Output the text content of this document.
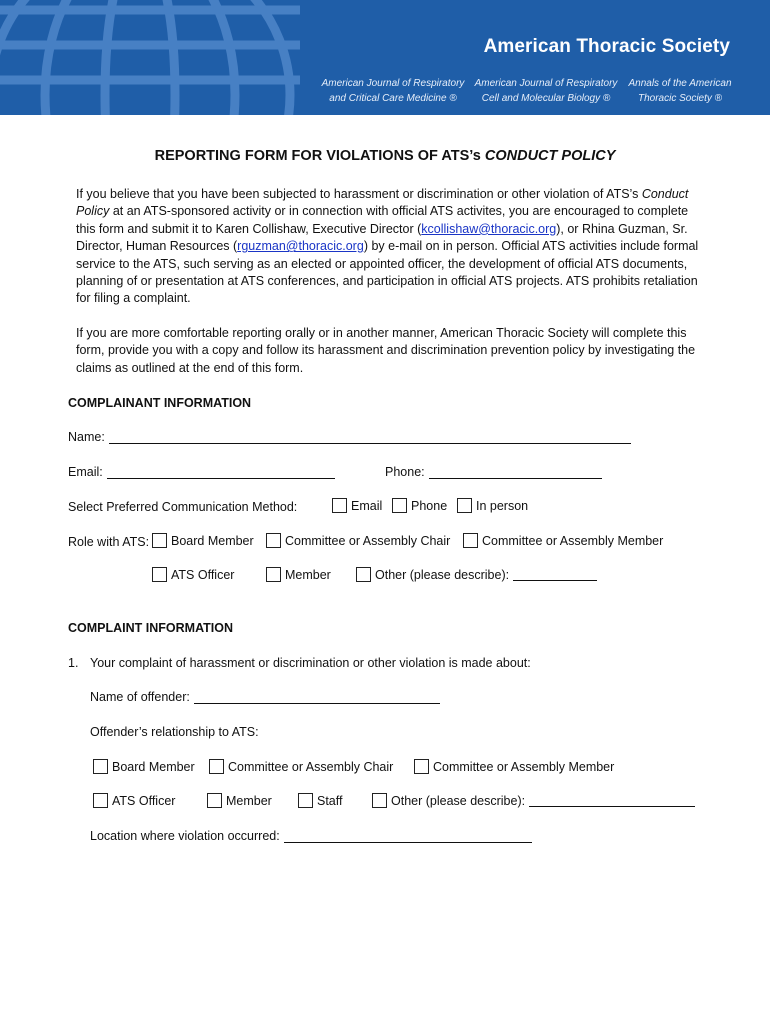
American Thoracic Society
American Journal of Respiratory
and Critical Care Medicine ®
American Journal of Respiratory
Cell and Molecular Biology ®
Annals of the American
Thoracic Society ®
REPORTING FORM FOR VIOLATIONS OF ATS’s CONDUCT POLICY
If you believe that you have been subjected to harassment or discrimination or other violation of ATS’s Conduct Policy at an ATS-sponsored activity or in connection with official ATS activites, you are encouraged to complete this form and submit it to Karen Collishaw, Executive Director (kcollishaw@thoracic.org), or Rhina Guzman, Sr. Director, Human Resources (rguzman@thoracic.org) by e-mail on in person. Official ATS activities include formal service to the ATS, such serving as an elected or appointed officer, the development of official ATS documents, planning of or presentation at ATS conferences, and participation in official ATS projects. ATS prohibits retaliation for filing a complaint.
If you are more comfortable reporting orally or in another manner, American Thoracic Society will complete this form, provide you with a copy and follow its harassment and discrimination prevention policy by investigating the claims as outlined at the end of this form.
COMPLAINANT INFORMATION
Name:
Email:	Phone:
Select Preferred Communication Method:	Email Phone In person
Role with ATS: Board Member	Committee or Assembly Chair	Committee or Assembly Member
ATS Officer	Member	Other (please describe):
COMPLAINT INFORMATION
1. Your complaint of harassment or discrimination or other violation is made about:
Name of offender:
Offender’s relationship to ATS:
Board Member	Committee or Assembly Chair	Committee or Assembly Member
ATS Officer	Member	Staff	Other (please describe):
Location where violation occurred:
